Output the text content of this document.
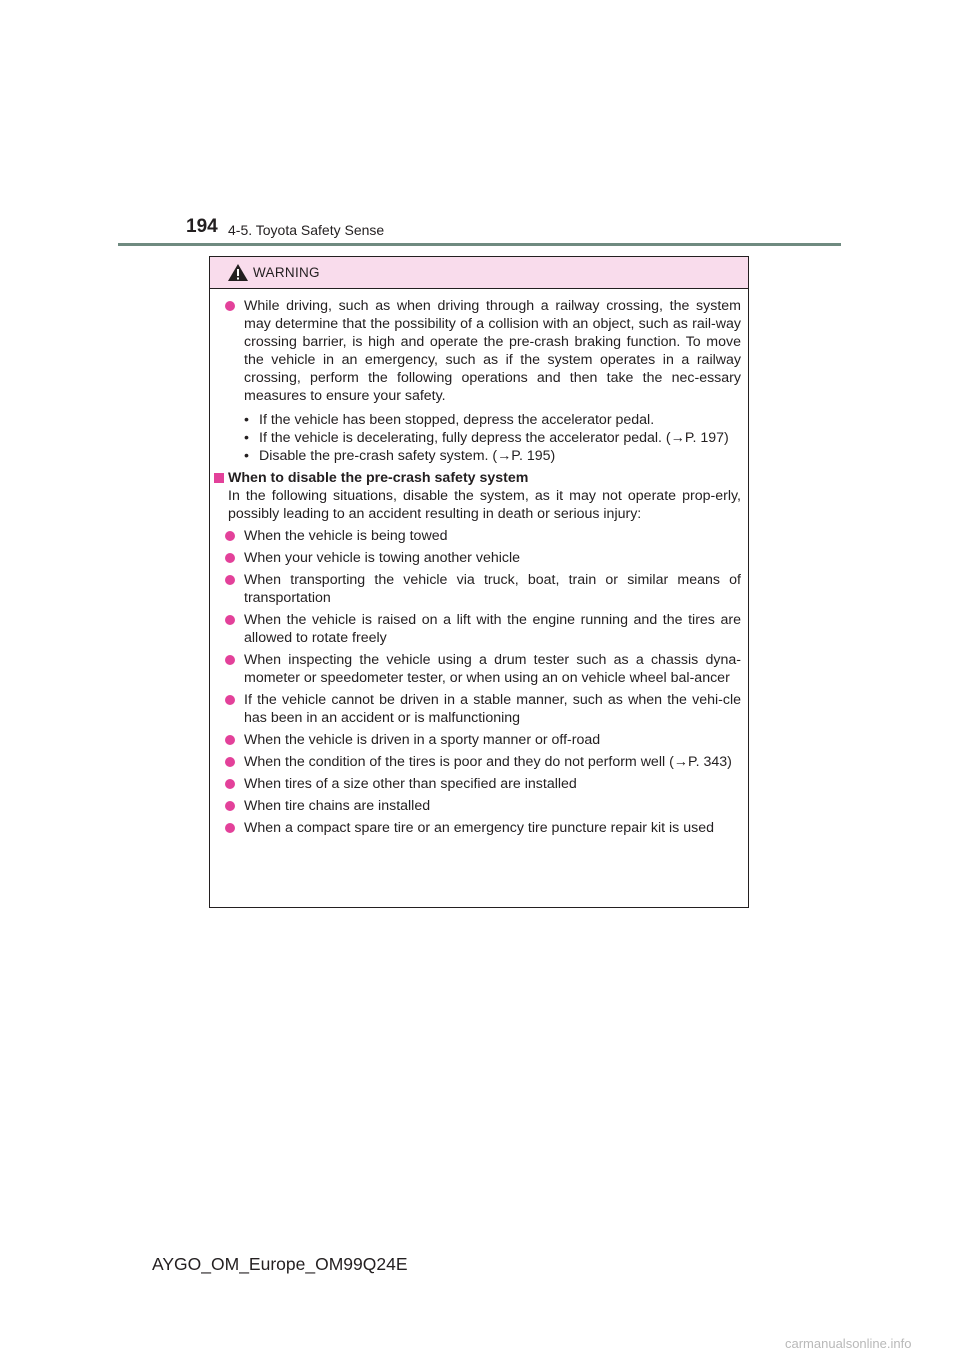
194 4-5. Toyota Safety Sense
WARNING
While driving, such as when driving through a railway crossing, the system may determine that the possibility of a collision with an object, such as rail-way crossing barrier, is high and operate the pre-crash braking function. To move the vehicle in an emergency, such as if the system operates in a railway crossing, perform the following operations and then take the nec-essary measures to ensure your safety.
• If the vehicle has been stopped, depress the accelerator pedal.
• If the vehicle is decelerating, fully depress the accelerator pedal. (→P. 197)
• Disable the pre-crash safety system. (→P. 195)
When to disable the pre-crash safety system
In the following situations, disable the system, as it may not operate prop-erly, possibly leading to an accident resulting in death or serious injury:
When the vehicle is being towed
When your vehicle is towing another vehicle
When transporting the vehicle via truck, boat, train or similar means of transportation
When the vehicle is raised on a lift with the engine running and the tires are allowed to rotate freely
When inspecting the vehicle using a drum tester such as a chassis dyna-mometer or speedometer tester, or when using an on vehicle wheel bal-ancer
If the vehicle cannot be driven in a stable manner, such as when the vehi-cle has been in an accident or is malfunctioning
When the vehicle is driven in a sporty manner or off-road
When the condition of the tires is poor and they do not perform well (→P. 343)
When tires of a size other than specified are installed
When tire chains are installed
When a compact spare tire or an emergency tire puncture repair kit is used
AYGO_OM_Europe_OM99Q24E
carmanualsonline.info
